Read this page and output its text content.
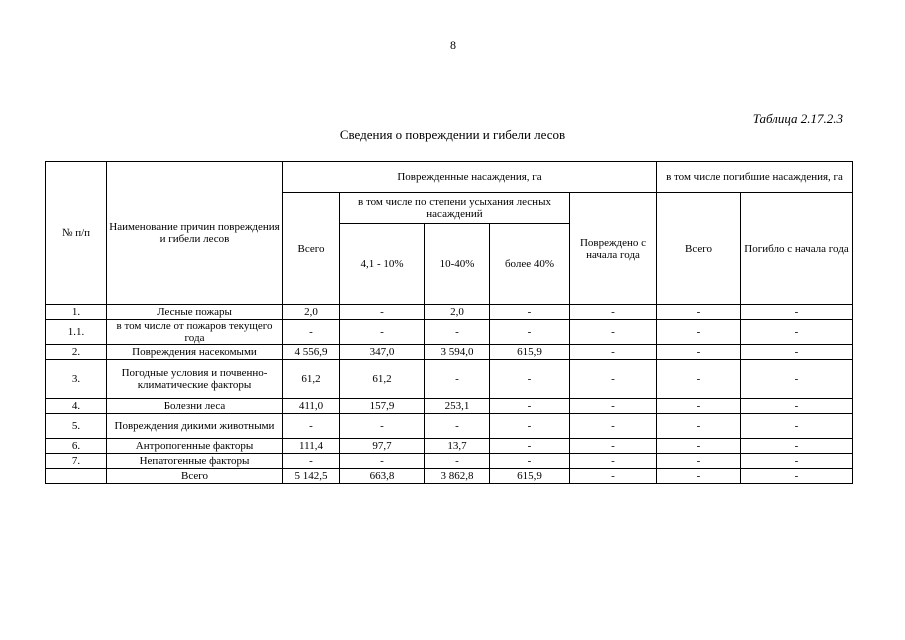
8
Таблица 2.17.2.3
Сведения о повреждении и гибели лесов
№ п/п	Наименование причин повреждения и гибели лесов	Поврежденные насаждения, га					в том числе погибшие насаждения, га	
		Всего	в том числе по степени усыхания лесных насаждений			Повреждено с начала года	Всего	Погибло с начала года
			4,1 - 10%	10-40%	более 40%			
1.	Лесные пожары	2,0	-	2,0	-	-	-	-
1.1.	в том числе от пожаров текущего года	-	-	-	-	-	-	-
2.	Повреждения насекомыми	4 556,9	347,0	3 594,0	615,9	-	-	-
3.	Погодные условия и почвенно-климатические факторы	61,2	61,2	-	-	-	-	-
4.	Болезни леса	411,0	157,9	253,1	-	-	-	-
5.	Повреждения дикими животными	-	-	-	-	-	-	-
6.	Антропогенные факторы	111,4	97,7	13,7	-	-	-	-
7.	Непатогенные факторы	-	-	-	-	-	-	-
	Всего	5 142,5	663,8	3 862,8	615,9	-	-	-
